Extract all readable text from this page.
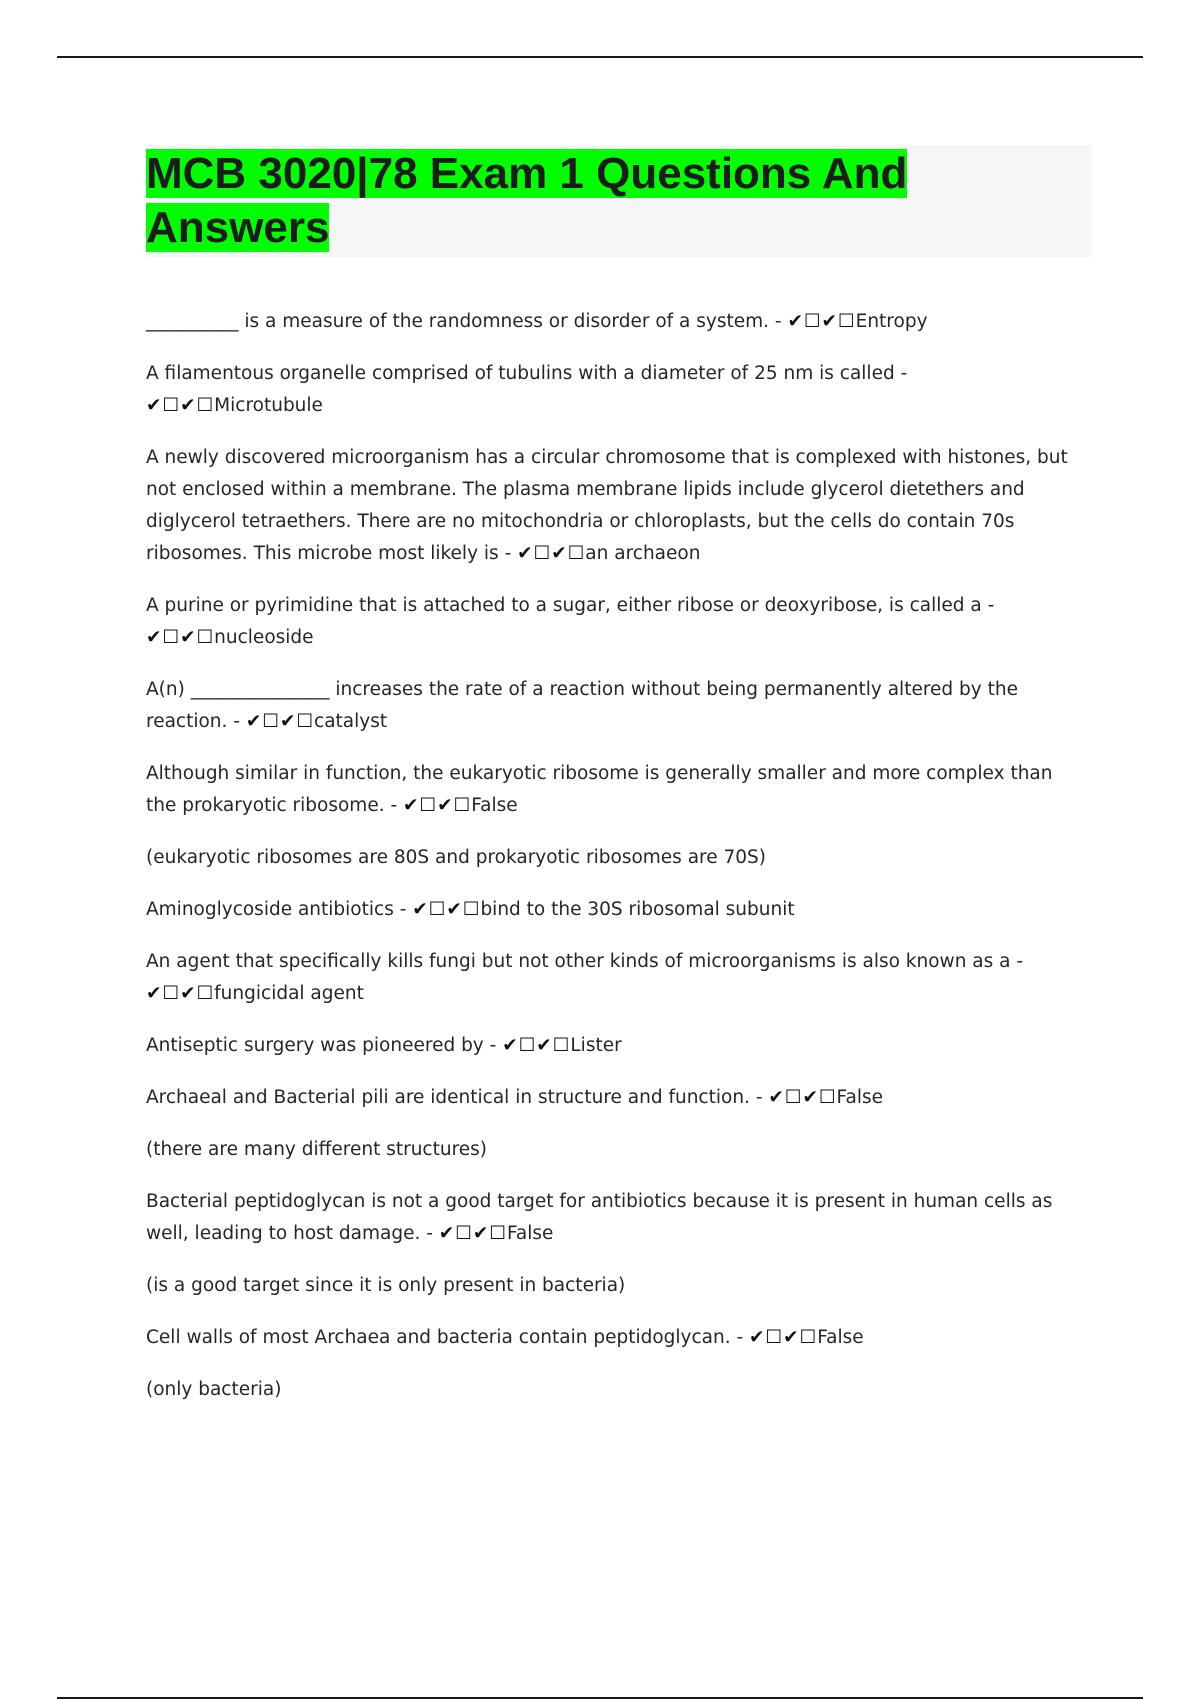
MCB 3020|78 Exam 1 Questions And Answers

__________ is a measure of the randomness or disorder of a system. - ✔☐✔☐Entropy

A filamentous organelle comprised of tubulins with a diameter of 25 nm is called - ✔☐✔☐Microtubule

A newly discovered microorganism has a circular chromosome that is complexed with histones, but not enclosed within a membrane. The plasma membrane lipids include glycerol dietethers and diglycerol tetraethers. There are no mitochondria or chloroplasts, but the cells do contain 70s ribosomes. This microbe most likely is - ✔☐✔☐an archaeon

A purine or pyrimidine that is attached to a sugar, either ribose or deoxyribose, is called a - ✔☐✔☐nucleoside

A(n) _______________ increases the rate of a reaction without being permanently altered by the reaction. - ✔☐✔☐catalyst

Although similar in function, the eukaryotic ribosome is generally smaller and more complex than the prokaryotic ribosome. - ✔☐✔☐False

(eukaryotic ribosomes are 80S and prokaryotic ribosomes are 70S)

Aminoglycoside antibiotics - ✔☐✔☐bind to the 30S ribosomal subunit

An agent that specifically kills fungi but not other kinds of microorganisms is also known as a - ✔☐✔☐fungicidal agent

Antiseptic surgery was pioneered by - ✔☐✔☐Lister

Archaeal and Bacterial pili are identical in structure and function. - ✔☐✔☐False

(there are many different structures)

Bacterial peptidoglycan is not a good target for antibiotics because it is present in human cells as well, leading to host damage. - ✔☐✔☐False

(is a good target since it is only present in bacteria)

Cell walls of most Archaea and bacteria contain peptidoglycan. - ✔☐✔☐False

(only bacteria)
